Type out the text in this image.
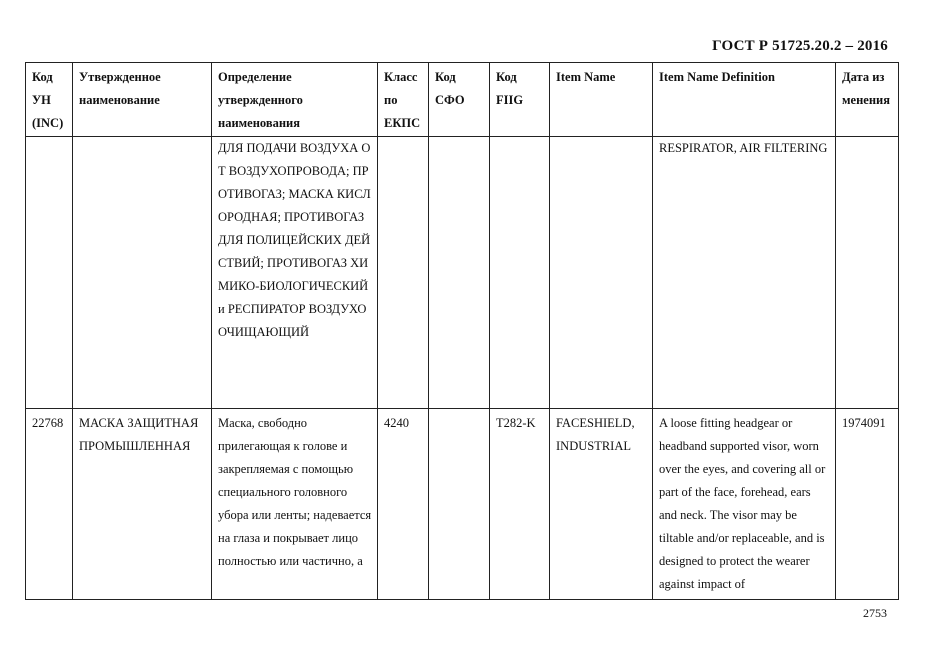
ГОСТ Р 51725.20.2 – 2016
Код УН (INC)	Утвержденное наименование	Определение утвержденного наименования	Класс по ЕКПС	Код СФО	Код FIIG	Item Name	Item Name Definition	Дата изменения
		ДЛЯ ПОДАЧИ ВОЗДУХА ОТ ВОЗДУХОПРОВОДА; ПРОТИВОГАЗ; МАСКА КИСЛОРОДНАЯ; ПРОТИВОГАЗ ДЛЯ ПОЛИЦЕЙСКИХ ДЕЙСТВИЙ; ПРОТИВОГАЗ ХИМИКО-БИОЛОГИЧЕСКИЙ и РЕСПИРАТОР ВОЗДУХООЧИЩАЮЩИЙ					RESPIRATOR, AIR FILTERING	
22768	МАСКА ЗАЩИТНАЯ ПРОМЫШЛЕННАЯ	Маска, свободно прилегающая к голове и закрепляемая с помощью специального головного убора или ленты; надевается на глаза и покрывает лицо полностью или частично, а	4240		T282-K	FACESHIELD, INDUSTRIAL	A loose fitting headgear or headband supported visor, worn over the eyes, and covering all or part of the face, forehead, ears and neck. The visor may be tiltable and/or replaceable, and is designed to protect the wearer against impact of	1974091
2753
